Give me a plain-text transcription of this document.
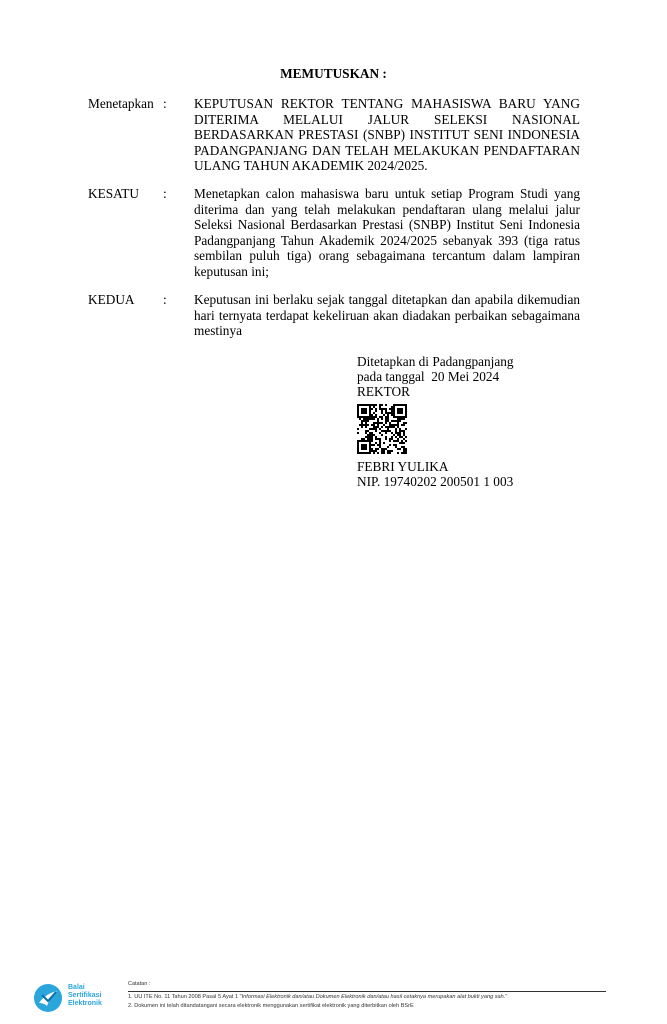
MEMUTUSKAN :
Menetapkan : KEPUTUSAN REKTOR TENTANG MAHASISWA BARU YANG DITERIMA MELALUI JALUR SELEKSI NASIONAL BERDASARKAN PRESTASI (SNBP) INSTITUT SENI INDONESIA PADANGPANJANG DAN TELAH MELAKUKAN PENDAFTARAN ULANG TAHUN AKADEMIK 2024/2025.
KESATU : Menetapkan calon mahasiswa baru untuk setiap Program Studi yang diterima dan yang telah melakukan pendaftaran ulang melalui jalur Seleksi Nasional Berdasarkan Prestasi (SNBP) Institut Seni Indonesia Padangpanjang Tahun Akademik 2024/2025 sebanyak 393 (tiga ratus sembilan puluh tiga) orang sebagaimana tercantum dalam lampiran keputusan ini;
KEDUA : Keputusan ini berlaku sejak tanggal ditetapkan dan apabila dikemudian hari ternyata terdapat kekeliruan akan diadakan perbaikan sebagaimana mestinya
Ditetapkan di Padangpanjang
pada tanggal  20 Mei 2024
REKTOR
FEBRI YULIKA
NIP. 19740202 200501 1 003
Balai
Sertifikasi
Elektronik
Catatan :
1. UU ITE No. 11 Tahun 2008 Pasal 5 Ayat 1 "Informasi Elektronik dan/atau Dokumen Elektronik dan/atau hasil cetaknya merupakan alat bukti yang sah."
2. Dokumen ini telah ditandatangani secara elektronik menggunakan sertifikat elektronik yang diterbitkan oleh BSrE
